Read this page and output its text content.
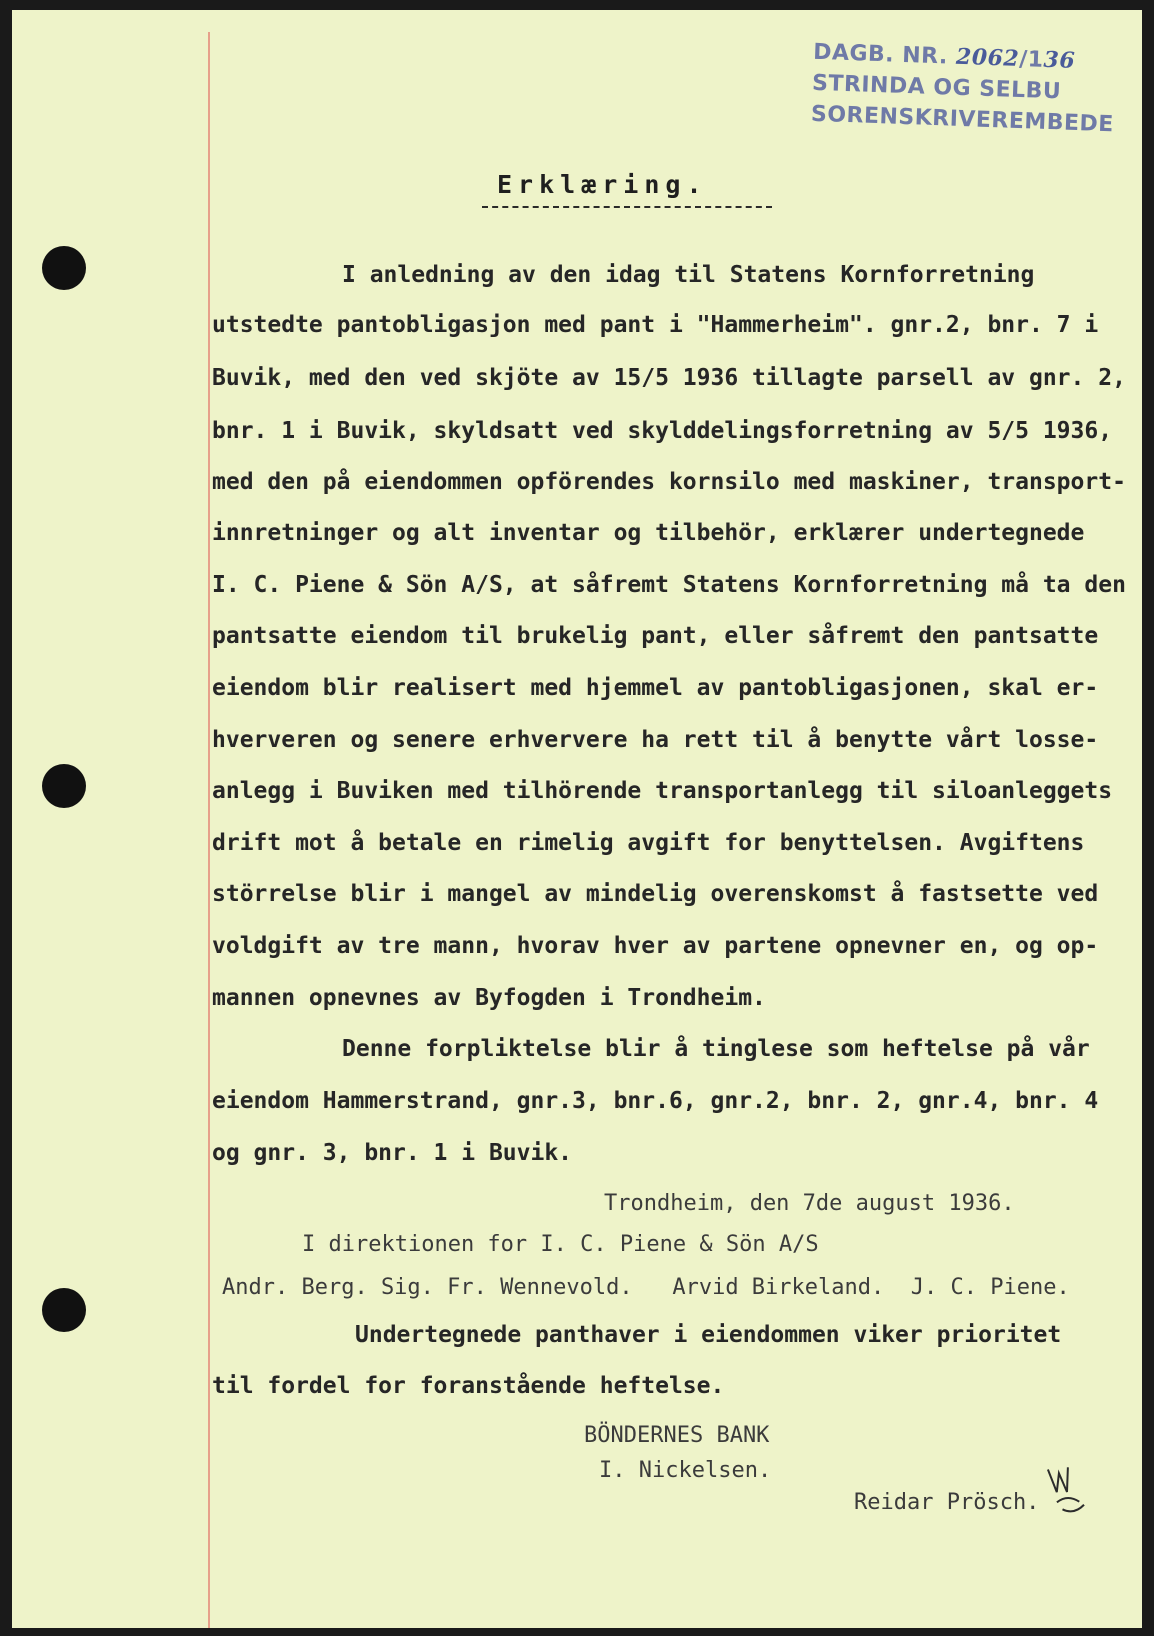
DAGB. NR. 2062/136
STRINDA OG SELBU
SORENSKRIVEREMBEDE
Erklæring.
I anledning av den idag til Statens Kornforretning
utstedte pantobligasjon med pant i "Hammerheim". gnr.2, bnr. 7 i
Buvik, med den ved skjöte av 15/5 1936 tillagte parsell av gnr. 2,
bnr. 1 i Buvik, skyldsatt ved skylddelingsforretning av 5/5 1936,
med den på eiendommen opförendes kornsilo med maskiner, transport-
innretninger og alt inventar og tilbehör, erklærer undertegnede
I. C. Piene & Sön A/S, at såfremt Statens Kornforretning må ta den
pantsatte eiendom til brukelig pant, eller såfremt den pantsatte
eiendom blir realisert med hjemmel av pantobligasjonen, skal er-
hververen og senere erhververe ha rett til å benytte vårt losse-
anlegg i Buviken med tilhörende transportanlegg til siloanleggets
drift mot å betale en rimelig avgift for benyttelsen. Avgiftens
störrelse blir i mangel av mindelig overenskomst å fastsette ved
voldgift av tre mann, hvorav hver av partene opnevner en, og op-
mannen opnevnes av Byfogden i Trondheim.
Denne forpliktelse blir å tinglese som heftelse på vår
eiendom Hammerstrand, gnr.3, bnr.6, gnr.2, bnr. 2, gnr.4, bnr. 4
og gnr. 3, bnr. 1 i Buvik.
Trondheim, den 7de august 1936.
I direktionen for I. C. Piene & Sön A/S
Andr. Berg. Sig. Fr. Wennevold.   Arvid Birkeland.  J. C. Piene.
Undertegnede panthaver i eiendommen viker prioritet
til fordel for foranstående heftelse.
BÖNDERNES BANK
I. Nickelsen.
Reidar Prösch.
